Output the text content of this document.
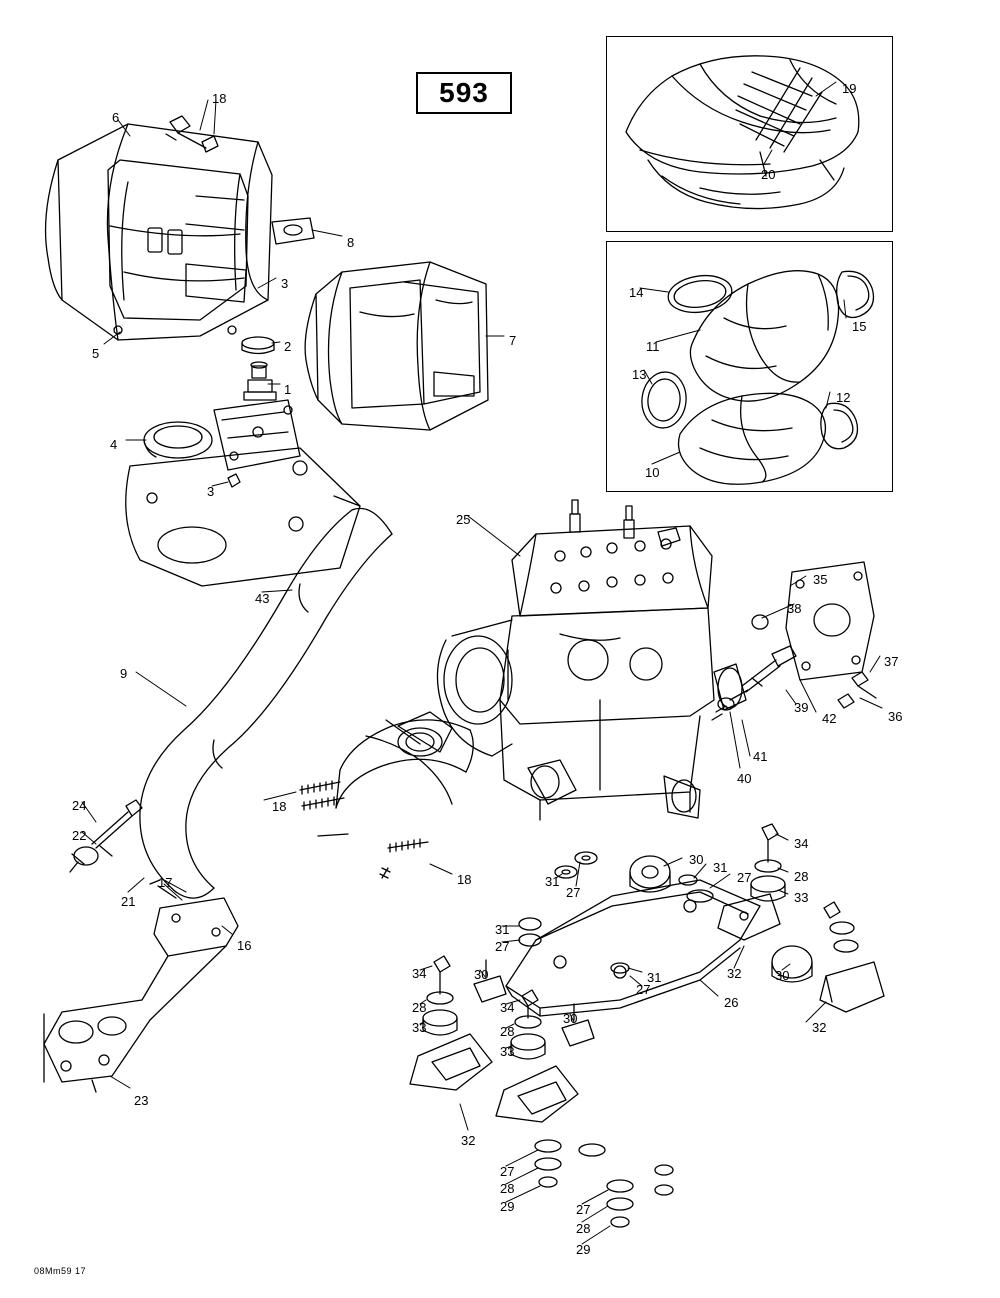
593
1
2
3
3
4
5
6
7
8
9
10
11
12
13
14
15
16
17
18
18
18
19
20
21
22
23
24
25
26
27
27
27
27
27
27
28
28
28
28
28
29
29
30
30
30
30
31
31
31
31	32
32
32
33
33
33
34
34
34
35
36
37
38
39
40
41
42
43
08Mm59 17
